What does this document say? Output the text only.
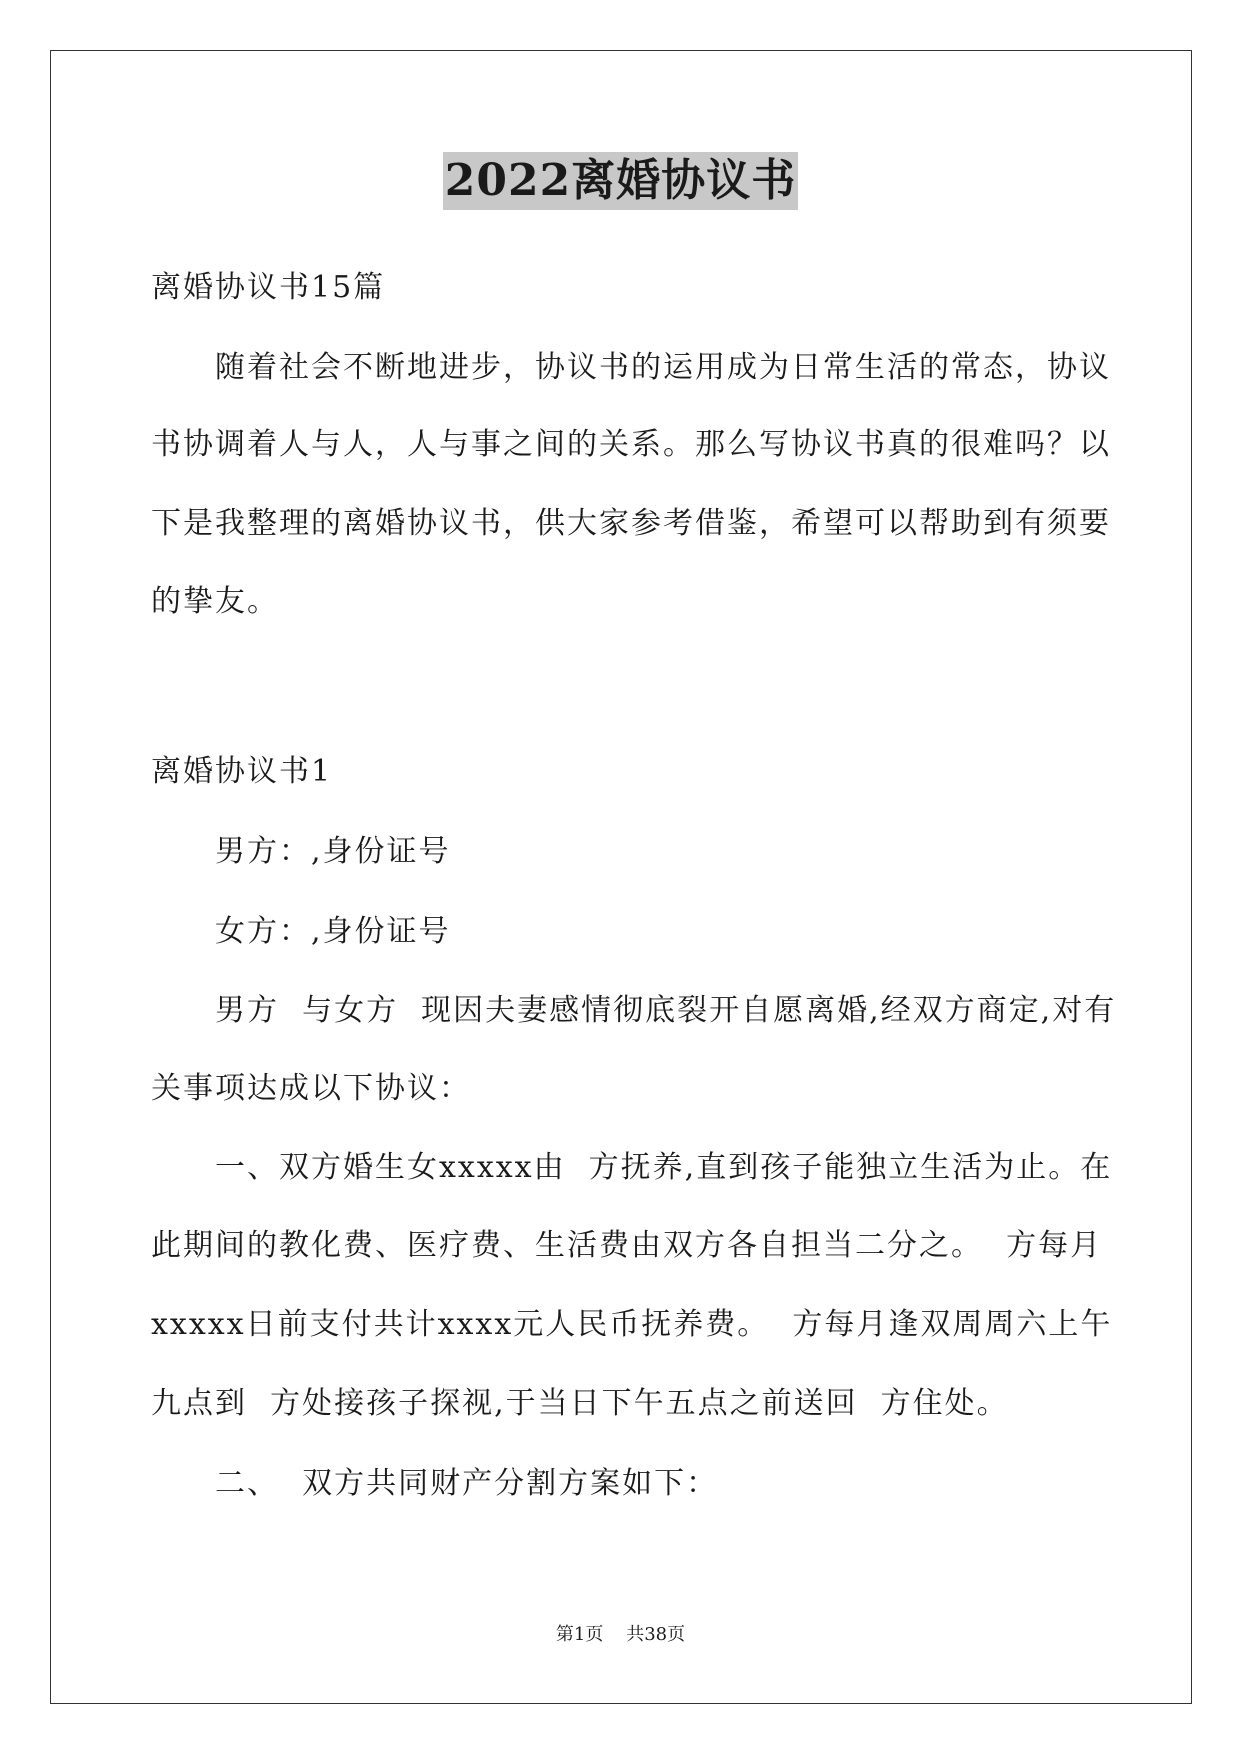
2022离婚协议书
离婚协议书15篇
随着社会不断地进步，协议书的运用成为日常生活的常态，协议
书协调着人与人，人与事之间的关系。那么写协议书真的很难吗？以
下是我整理的离婚协议书，供大家参考借鉴，希望可以帮助到有须要
的挚友。
离婚协议书1
男方：,身份证号
女方：,身份证号
男方  与女方  现因夫妻感情彻底裂开自愿离婚,经双方商定,对有
关事项达成以下协议：
一、双方婚生女xxxxx由  方抚养,直到孩子能独立生活为止。在
此期间的教化费、医疗费、生活费由双方各自担当二分之。  方每月
xxxxx日前支付共计xxxx元人民币抚养费。  方每月逢双周周六上午
九点到  方处接孩子探视,于当日下午五点之前送回  方住处。
二、  双方共同财产分割方案如下：
第1页    共38页
